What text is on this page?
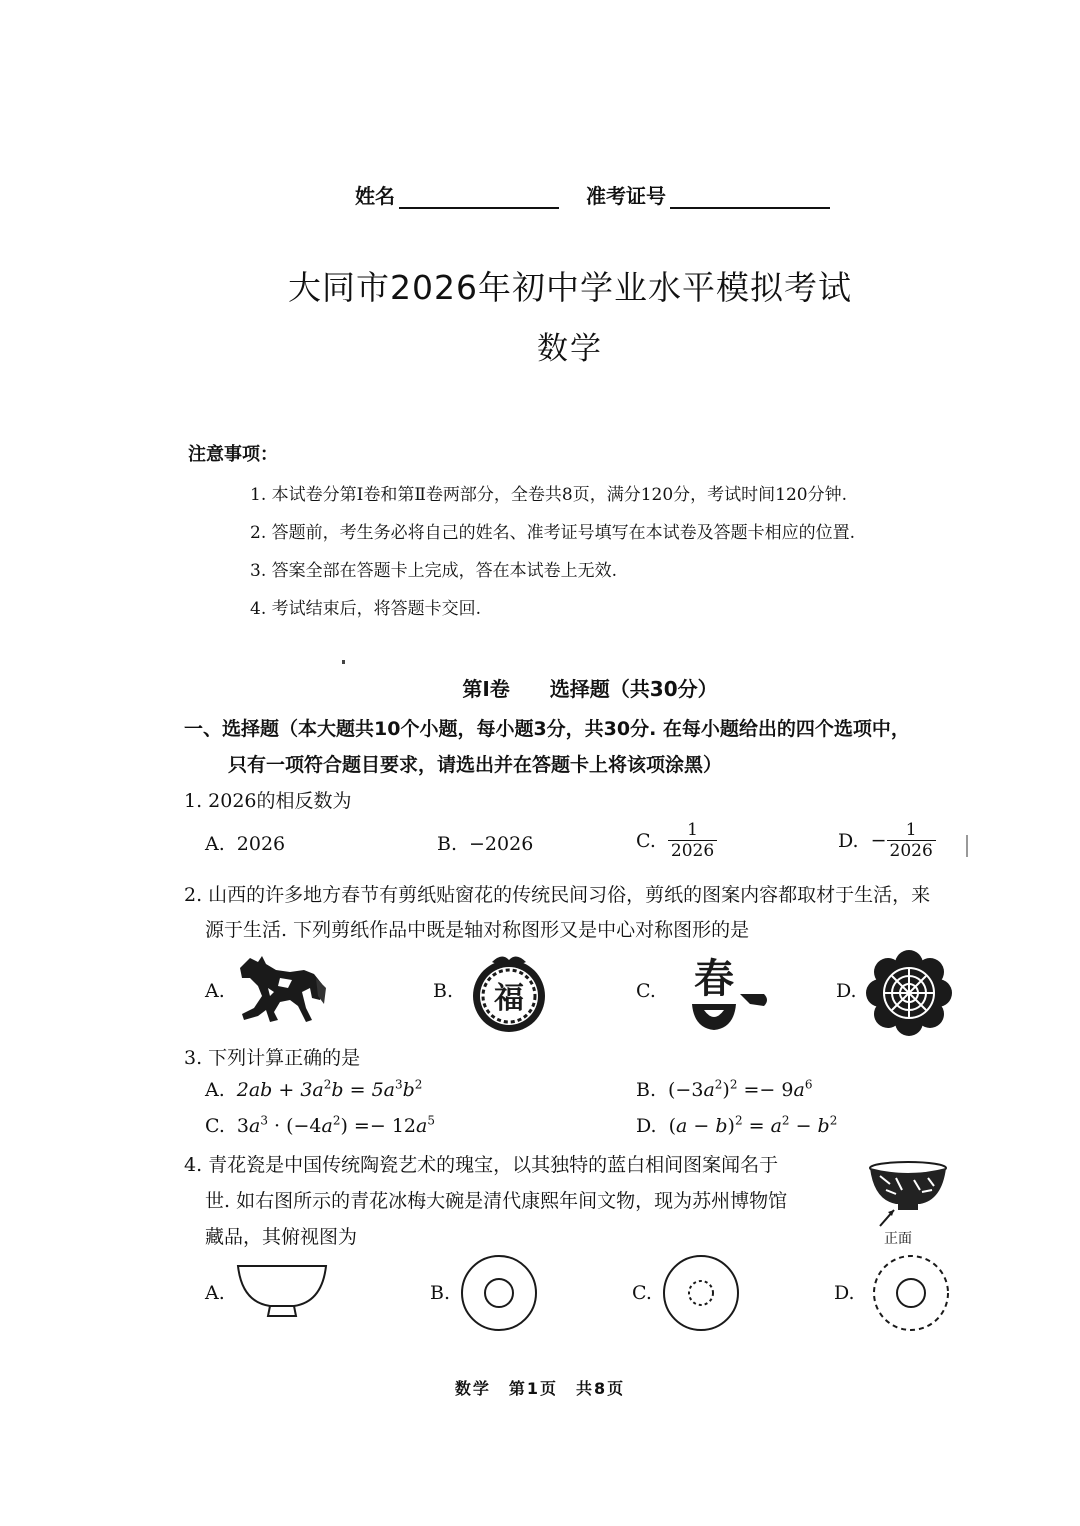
姓名	准考证号
大同市2026年初中学业水平模拟考试
数学
注意事项：
1. 本试卷分第Ⅰ卷和第Ⅱ卷两部分，全卷共8页，满分120分，考试时间120分钟.
2. 答题前，考生务必将自己的姓名、准考证号填写在本试卷及答题卡相应的位置.
3. 答案全部在答题卡上完成，答在本试卷上无效.
4. 考试结束后，将答题卡交回.
第Ⅰ卷　　选择题（共30分）
一、选择题（本大题共10个小题，每小题3分，共30分. 在每小题给出的四个选项中，
只有一项符合题目要求，请选出并在答题卡上将该项涂黑）
1. 2026的相反数为
A. 2026	B. −2026	C. $\frac{1}{2026}$	D. − $\frac{1}{2026}$
2. 山西的许多地方春节有剪纸贴窗花的传统民间习俗，剪纸的图案内容都取材于生活，来
源于生活. 下列剪纸作品中既是轴对称图形又是中心对称图形的是
A.	B. 福	C. 春	D.
3. 下列计算正确的是
A. $2ab + 3a^2b = 5a^3b^2$	B. $(-3a^2)^2 =- 9a^6$
C. $3a^3 \cdot (-4a^2) =- 12a^5$	D. $(a - b)^2 = a^2 - b^2$
4. 青花瓷是中国传统陶瓷艺术的瑰宝，以其独特的蓝白相间图案闻名于
世. 如右图所示的青花冰梅大碗是清代康熙年间文物，现为苏州博物馆
藏品，其俯视图为	正面
A.	B.	C.	D.
数学　第1页　共8页
